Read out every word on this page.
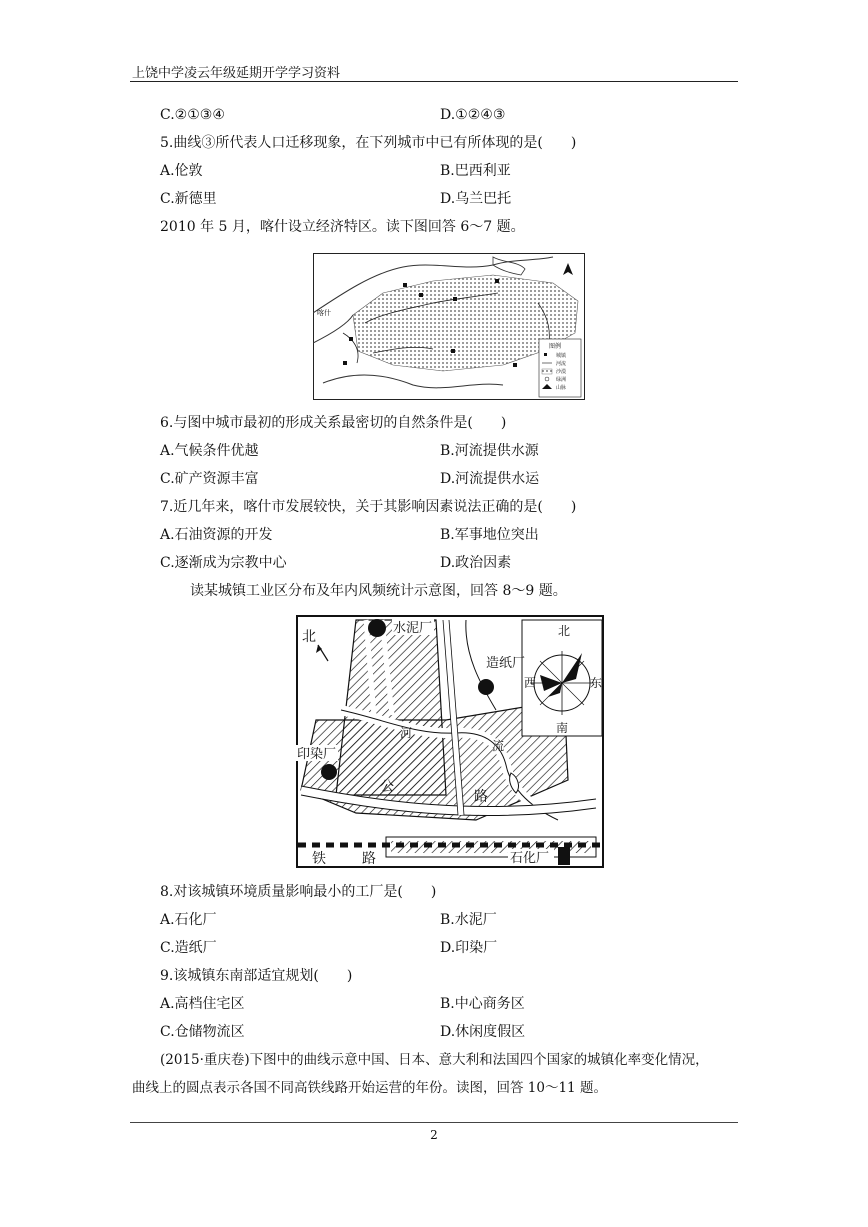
上饶中学凌云年级延期开学学习资料
C.②①③④	D.①②④③
5.曲线③所代表人口迁移现象，在下列城市中已有所体现的是(　　)
A.伦敦	B.巴西利亚
C.新德里	D.乌兰巴托
2010 年 5 月，喀什设立经济特区。读下图回答 6～7 题。
喀什
图例
城镇
河流
沙漠
绿洲
山脉
6.与图中城市最初的形成关系最密切的自然条件是(　　)
A.气候条件优越	B.河流提供水源
C.矿产资源丰富	D.河流提供水运
7.近几年来，喀什市发展较快，关于其影响因素说法正确的是(　　)
A.石油资源的开发	B.军事地位突出
C.逐渐成为宗教中心	D.政治因素
读某城镇工业区分布及年内风频统计示意图，回答 8～9 题。
北
南
西	东
北
水泥厂
造纸厂
印染厂
石化厂
河
流
公
路
铁	路
8.对该城镇环境质量影响最小的工厂是(　　)
A.石化厂	B.水泥厂
C.造纸厂	D.印染厂
9.该城镇东南部适宜规划(　　)
A.高档住宅区	B.中心商务区
C.仓储物流区	D.休闲度假区
(2015·重庆卷)下图中的曲线示意中国、日本、意大利和法国四个国家的城镇化率变化情况，
曲线上的圆点表示各国不同高铁线路开始运营的年份。读图，回答 10～11 题。
2
